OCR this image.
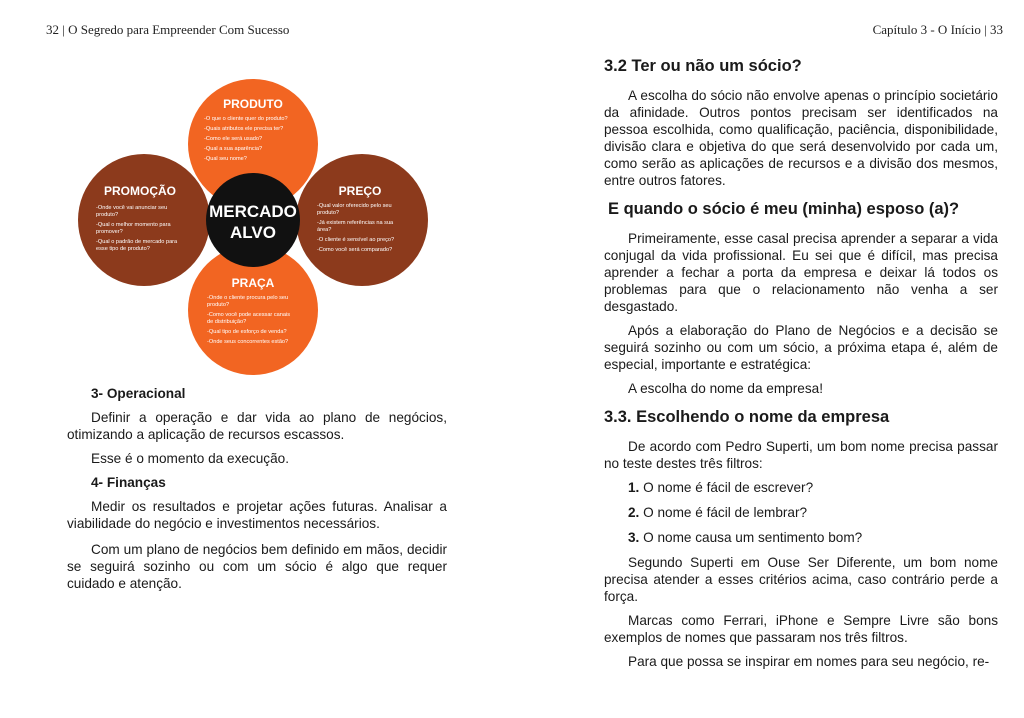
32 | O Segredo para Empreender Com Sucesso
MERCADO
ALVO
PRODUTO
-O que o cliente quer do produto?
-Quais atributos ele precisa ter?
-Como ele será usado?
-Qual a sua aparência?
-Qual seu nome?
PROMOÇÃO
-Onde você vai anunciar seu
produto?
-Qual o melhor momento para
promover?
-Qual o padrão de mercado para
esse tipo de produto?
PREÇO
-Qual valor oferecido pelo seu
produto?
-Já existem referências na sua
área?
-O cliente é sensível ao preço?
-Como você será comparado?
PRAÇA
-Onde o cliente procura pelo seu
produto?
-Como você pode acessar canais
de distribuição?
-Qual tipo de esforço de venda?
-Onde seus concorrentes estão?
3- Operacional

Definir a operação e dar vida ao plano de negócios, otimizando a aplicação de recursos escassos.

Esse é o momento da execução.

4- Finanças

Medir os resultados e projetar ações futuras. Analisar a viabilidade do negócio e investimentos necessários.

Com um plano de negócios bem definido em mãos, decidir se seguirá sozinho ou com um sócio é algo que requer cuidado e atenção.

Capítulo 3 - O Início | 33
3.2 Ter ou não um sócio?

A escolha do sócio não envolve apenas o princípio societário da afinidade. Outros pontos precisam ser identificados na pessoa escolhida, como qualificação, paciência, disponibilidade, divisão clara e objetiva do que será desenvolvido por cada um, como serão as aplicações de recursos e a divisão dos mesmos, entre outros fatores.

E quando o sócio é meu (minha) esposo (a)?

Primeiramente, esse casal precisa aprender a separar a vida conjugal da vida profissional. Eu sei que é difícil, mas precisa aprender a fechar a porta da empresa e deixar lá todos os problemas para que o relacionamento não venha a ser desgastado.

Após a elaboração do Plano de Negócios e a decisão se seguirá sozinho ou com um sócio, a próxima etapa é, além de especial, importante e estratégica:

A escolha do nome da empresa!

3.3. Escolhendo o nome da empresa

De acordo com Pedro Superti, um bom nome precisa passar no teste destes três filtros:

1. O nome é fácil de escrever?
2. O nome é fácil de lembrar?
3. O nome causa um sentimento bom?

Segundo Superti em Ouse Ser Diferente, um bom nome precisa atender a esses critérios acima, caso contrário perde a força.

Marcas como Ferrari, iPhone e Sempre Livre são bons exemplos de nomes que passaram nos três filtros.

Para que possa se inspirar em nomes para seu negócio, re-
